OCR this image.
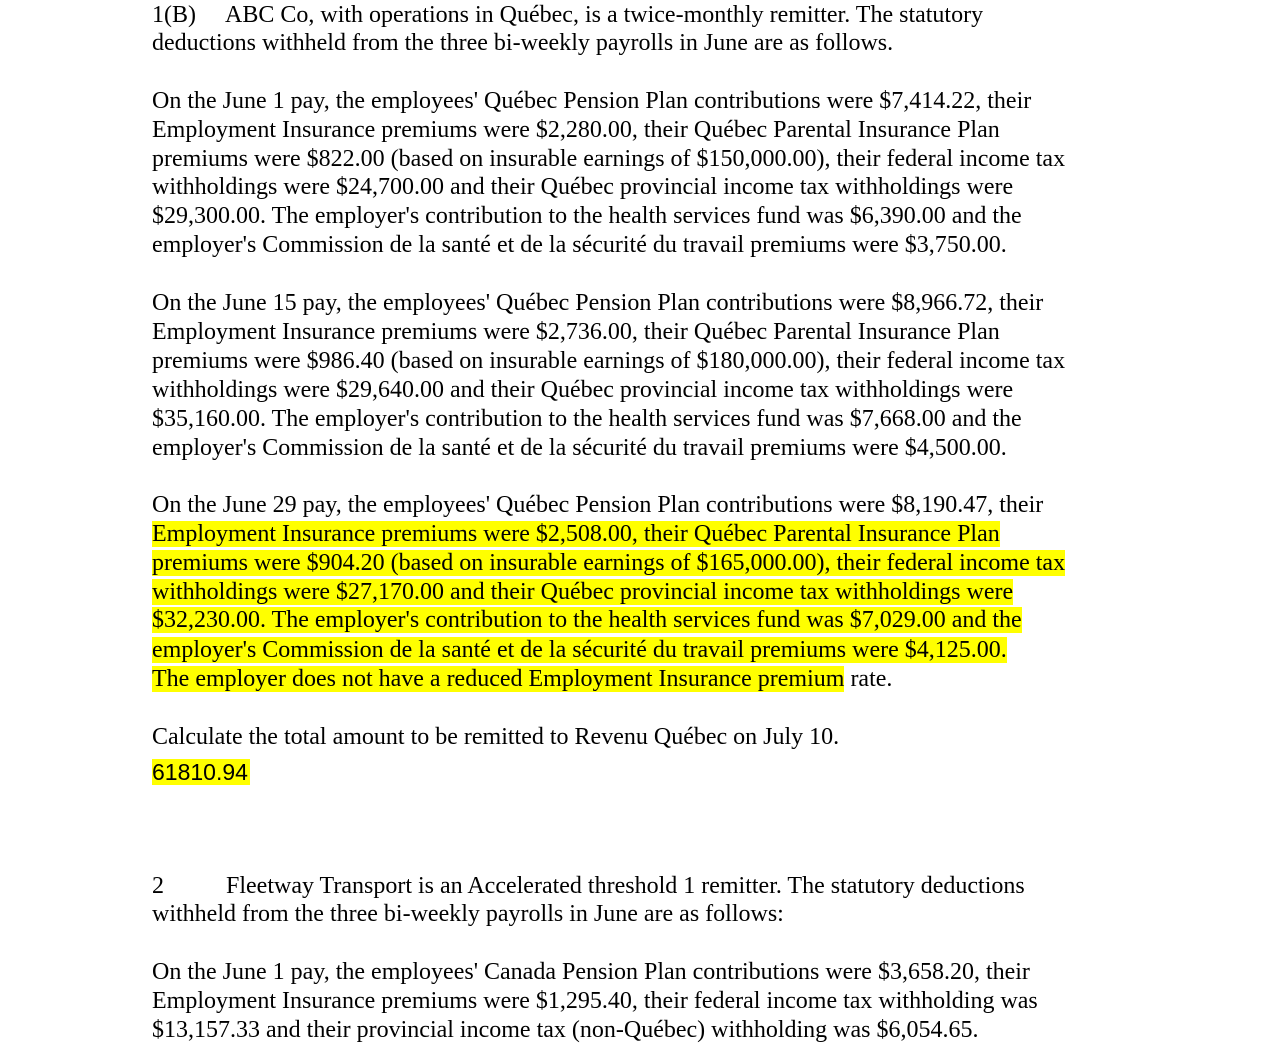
1(B) ABC Co, with operations in Québec, is a twice-monthly remitter. The statutory
deductions withheld from the three bi-weekly payrolls in June are as follows.
On the June 1 pay, the employees' Québec Pension Plan contributions were $7,414.22, their
Employment Insurance premiums were $2,280.00, their Québec Parental Insurance Plan
premiums were $822.00 (based on insurable earnings of $150,000.00), their federal income tax
withholdings were $24,700.00 and their Québec provincial income tax withholdings were
$29,300.00. The employer's contribution to the health services fund was $6,390.00 and the
employer's Commission de la santé et de la sécurité du travail premiums were $3,750.00.
On the June 15 pay, the employees' Québec Pension Plan contributions were $8,966.72, their
Employment Insurance premiums were $2,736.00, their Québec Parental Insurance Plan
premiums were $986.40 (based on insurable earnings of $180,000.00), their federal income tax
withholdings were $29,640.00 and their Québec provincial income tax withholdings were
$35,160.00. The employer's contribution to the health services fund was $7,668.00 and the
employer's Commission de la santé et de la sécurité du travail premiums were $4,500.00.
On the June 29 pay, the employees' Québec Pension Plan contributions were $8,190.47, their
Employment Insurance premiums were $2,508.00, their Québec Parental Insurance Plan
premiums were $904.20 (based on insurable earnings of $165,000.00), their federal income tax
withholdings were $27,170.00 and their Québec provincial income tax withholdings were
$32,230.00. The employer's contribution to the health services fund was $7,029.00 and the
employer's Commission de la santé et de la sécurité du travail premiums were $4,125.00.
The employer does not have a reduced Employment Insurance premium rate.
Calculate the total amount to be remitted to Revenu Québec on July 10.
61810.94
2	Fleetway Transport is an Accelerated threshold 1 remitter. The statutory deductions
withheld from the three bi-weekly payrolls in June are as follows:
On the June 1 pay, the employees' Canada Pension Plan contributions were $3,658.20, their
Employment Insurance premiums were $1,295.40, their federal income tax withholding was
$13,157.33 and their provincial income tax (non-Québec) withholding was $6,054.65.
